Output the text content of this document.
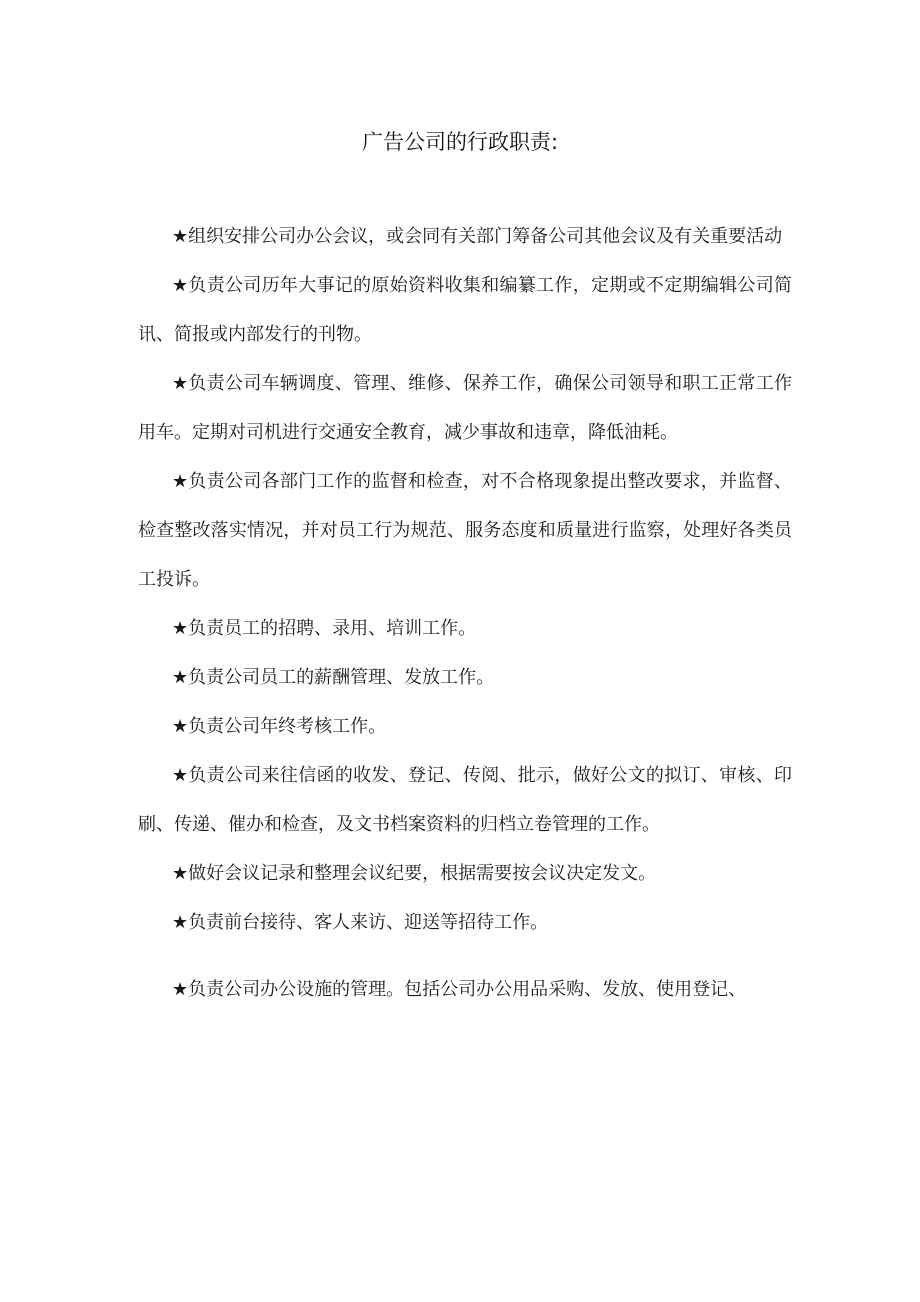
广告公司的行政职责:

★组织安排公司办公会议，或会同有关部门筹备公司其他会议及有关重要活动

★负责公司历年大事记的原始资料收集和编纂工作，定期或不定期编辑公司简讯、简报或内部发行的刊物。

★负责公司车辆调度、管理、维修、保养工作，确保公司领导和职工正常工作用车。定期对司机进行交通安全教育，减少事故和违章，降低油耗。

★负责公司各部门工作的监督和检查，对不合格现象提出整改要求，并监督、检查整改落实情况，并对员工行为规范、服务态度和质量进行监察，处理好各类员工投诉。

★负责员工的招聘、录用、培训工作。

★负责公司员工的薪酬管理、发放工作。

★负责公司年终考核工作。

★负责公司来往信函的收发、登记、传阅、批示，做好公文的拟订、审核、印刷、传递、催办和检查，及文书档案资料的归档立卷管理的工作。

★做好会议记录和整理会议纪要，根据需要按会议决定发文。

★负责前台接待、客人来访、迎送等招待工作。

★负责公司办公设施的管理。包括公司办公用品采购、发放、使用登记、
